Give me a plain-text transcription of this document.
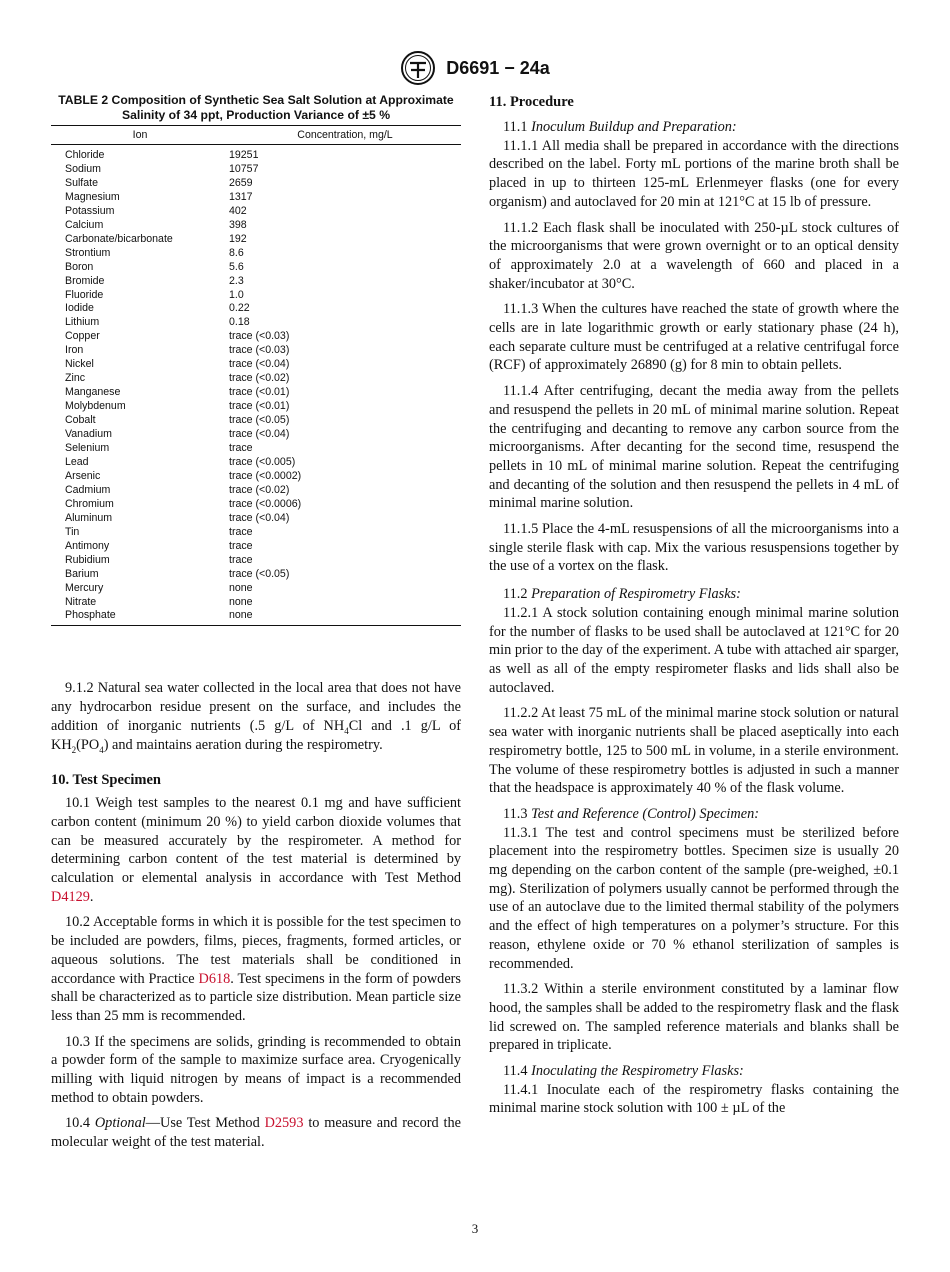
D6691 − 24a
TABLE 2 Composition of Synthetic Sea Salt Solution at Approximate Salinity of 34 ppt, Production Variance of ±5 %
Ion	Concentration, mg/L
Chloride	19251
Sodium	10757
Sulfate	2659
Magnesium	1317
Potassium	402
Calcium	398
Carbonate/bicarbonate	192
Strontium	8.6
Boron	5.6
Bromide	2.3
Fluoride	1.0
Iodide	0.22
Lithium	0.18
Copper	trace (<0.03)
Iron	trace (<0.03)
Nickel	trace (<0.04)
Zinc	trace (<0.02)
Manganese	trace (<0.01)
Molybdenum	trace (<0.01)
Cobalt	trace (<0.05)
Vanadium	trace (<0.04)
Selenium	trace
Lead	trace (<0.005)
Arsenic	trace (<0.0002)
Cadmium	trace (<0.02)
Chromium	trace (<0.0006)
Aluminum	trace (<0.04)
Tin	trace
Antimony	trace
Rubidium	trace
Barium	trace (<0.05)
Mercury	none
Nitrate	none
Phosphate	none

9.1.2 Natural sea water collected in the local area that does not have any hydrocarbon residue present on the surface, and includes the addition of inorganic nutrients (.5 g/L of $NH_4Cl$ and .1 g/L of $KH_2(PO_4)$ and maintains aeration during the respirometry.

10. Test Specimen

10.1 Weigh test samples to the nearest 0.1 mg and have sufficient carbon content (minimum 20 %) to yield carbon dioxide volumes that can be measured accurately by the respirometer. A method for determining carbon content of the test material is determined by calculation or elemental analysis in accordance with Test Method D4129.

10.2 Acceptable forms in which it is possible for the test specimen to be included are powders, films, pieces, fragments, formed articles, or aqueous solutions. The test materials shall be conditioned in accordance with Practice D618. Test specimens in the form of powders shall be characterized as to particle size distribution. Mean particle size less than 25 mm is recommended.

10.3 If the specimens are solids, grinding is recommended to obtain a powder form of the sample to maximize surface area. Cryogenically milling with liquid nitrogen by means of impact is a recommended method to obtain powders.

10.4 Optional—Use Test Method D2593 to measure and record the molecular weight of the test material.

11. Procedure

11.1 Inoculum Buildup and Preparation:

11.1.1 All media shall be prepared in accordance with the directions described on the label. Forty mL portions of the marine broth shall be placed in up to thirteen 125-mL Erlenmeyer flasks (one for every organism) and autoclaved for 20 min at 121°C at 15 lb of pressure.

11.1.2 Each flask shall be inoculated with 250-µL stock cultures of the microorganisms that were grown overnight or to an optical density of approximately 2.0 at a wavelength of 660 and placed in a shaker/incubator at 30°C.

11.1.3 When the cultures have reached the state of growth where the cells are in late logarithmic growth or early stationary phase (24 h), each separate culture must be centrifuged at a relative centrifugal force (RCF) of approximately 26890 (g) for 8 min to obtain pellets.

11.1.4 After centrifuging, decant the media away from the pellets and resuspend the pellets in 20 mL of minimal marine solution. Repeat the centrifuging and decanting to remove any carbon source from the microorganisms. After decanting for the second time, resuspend the pellets in 10 mL of minimal marine solution. Repeat the centrifuging and decanting of the solution and then resuspend the pellets in 4 mL of minimal marine solution.

11.1.5 Place the 4-mL resuspensions of all the microorganisms into a single sterile flask with cap. Mix the various resuspensions together by the use of a vortex on the flask.

11.2 Preparation of Respirometry Flasks:

11.2.1 A stock solution containing enough minimal marine solution for the number of flasks to be used shall be autoclaved at 121°C for 20 min prior to the day of the experiment. A tube with attached air sparger, as well as all of the empty respirometer flasks and lids shall also be autoclaved.

11.2.2 At least 75 mL of the minimal marine stock solution or natural sea water with inorganic nutrients shall be placed aseptically into each respirometry bottle, 125 to 500 mL in volume, in a sterile environment. The volume of these respirometry bottles is adjusted in such a manner that the headspace is approximately 40 % of the flask volume.

11.3 Test and Reference (Control) Specimen:

11.3.1 The test and control specimens must be sterilized before placement into the respirometry bottles. Specimen size is usually 20 mg depending on the carbon content of the sample (pre-weighed, ±0.1 mg). Sterilization of polymers usually cannot be performed through the use of an autoclave due to the limited thermal stability of the polymers and the effect of high temperatures on a polymer’s structure. For this reason, ethylene oxide or 70 % ethanol sterilization of samples is recommended.

11.3.2 Within a sterile environment constituted by a laminar flow hood, the samples shall be added to the respirometry flask and the flask lid screwed on. The sampled reference materials and blanks shall be prepared in triplicate.

11.4 Inoculating the Respirometry Flasks:

11.4.1 Inoculate each of the respirometry flasks containing the minimal marine stock solution with 100 ± µL of the

3
